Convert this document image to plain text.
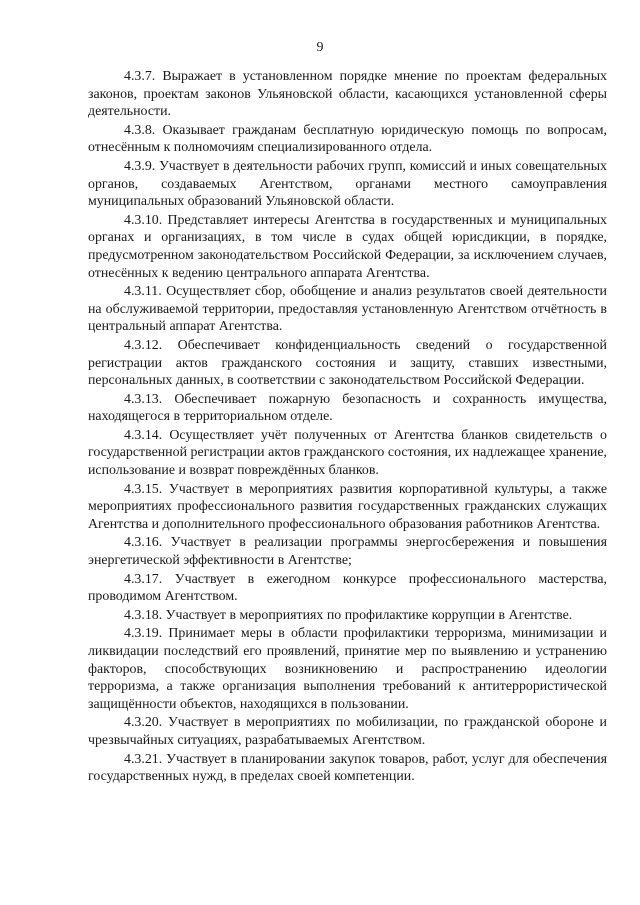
9

4.3.7. Выражает в установленном порядке мнение по проектам федеральных законов, проектам законов Ульяновской области, касающихся установленной сферы деятельности.

4.3.8. Оказывает гражданам бесплатную юридическую помощь по вопросам, отнесённым к полномочиям специализированного отдела.

4.3.9. Участвует в деятельности рабочих групп, комиссий и иных совещательных органов, создаваемых Агентством, органами местного самоуправления муниципальных образований Ульяновской области.

4.3.10. Представляет интересы Агентства в государственных и муниципальных органах и организациях, в том числе в судах общей юрисдикции, в порядке, предусмотренном законодательством Российской Федерации, за исключением случаев, отнесённых к ведению центрального аппарата Агентства.

4.3.11. Осуществляет сбор, обобщение и анализ результатов своей деятельности на обслуживаемой территории, предоставляя установленную Агентством отчётность в центральный аппарат Агентства.

4.3.12. Обеспечивает конфиденциальность сведений о государственной регистрации актов гражданского состояния и защиту, ставших известными, персональных данных, в соответствии с законодательством Российской Федерации.

4.3.13. Обеспечивает пожарную безопасность и сохранность имущества, находящегося в территориальном отделе.

4.3.14. Осуществляет учёт полученных от Агентства бланков свидетельств о государственной регистрации актов гражданского состояния, их надлежащее хранение, использование и возврат повреждённых бланков.

4.3.15. Участвует в мероприятиях развития корпоративной культуры, а также мероприятиях профессионального развития государственных гражданских служащих Агентства и дополнительного профессионального образования работников Агентства.

4.3.16. Участвует в реализации программы энергосбережения и повышения энергетической эффективности в Агентстве;

4.3.17. Участвует в ежегодном конкурсе профессионального мастерства, проводимом Агентством.

4.3.18. Участвует в мероприятиях по профилактике коррупции в Агентстве.

4.3.19. Принимает меры в области профилактики терроризма, минимизации и ликвидации последствий его проявлений, принятие мер по выявлению и устранению факторов, способствующих возникновению и распространению идеологии терроризма, а также организация выполнения требований к антитеррористической защищённости объектов, находящихся в пользовании.

4.3.20. Участвует в мероприятиях по мобилизации, по гражданской обороне и чрезвычайных ситуациях, разрабатываемых Агентством.

4.3.21. Участвует в планировании закупок товаров, работ, услуг для обеспечения государственных нужд, в пределах своей компетенции.
